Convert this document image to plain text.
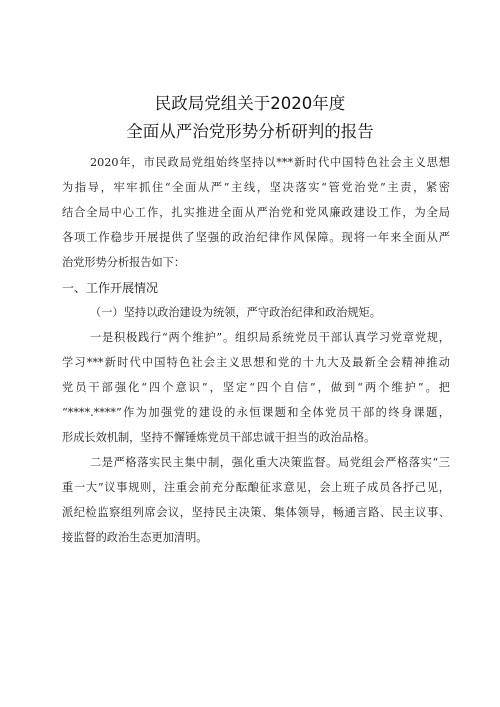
民政局党组关于2020年度
全面从严治党形势分析研判的报告
2020年，市民政局党组始终坚持以***新时代中国特色社会主义思想
为指导，牢牢抓住“全面从严”主线，坚决落实“管党治党”主责，紧密
结合全局中心工作，扎实推进全面从严治党和党风廉政建设工作，为全局
各项工作稳步开展提供了坚强的政治纪律作风保障。现将一年来全面从严
治党形势分析报告如下：
一、工作开展情况
（一）坚持以政治建设为统领，严守政治纪律和政治规矩。
一是积极践行“两个维护”。组织局系统党员干部认真学习党章党规，
学习***新时代中国特色社会主义思想和党的十九大及最新全会精神推动
党员干部强化“四个意识”，坚定“四个自信”，做到“两个维护”。把
“****.****”作为加强党的建设的永恒课题和全体党员干部的终身课题，
形成长效机制，坚持不懈锤炼党员干部忠诚干担当的政治品格。
二是严格落实民主集中制，强化重大决策监督。局党组会严格落实“三
重一大”议事规则，注重会前充分酝酿征求意见，会上班子成员各抒己见，
派纪检监察组列席会议，坚持民主决策、集体领导，畅通言路、民主议事、
接监督的政治生态更加清明。
